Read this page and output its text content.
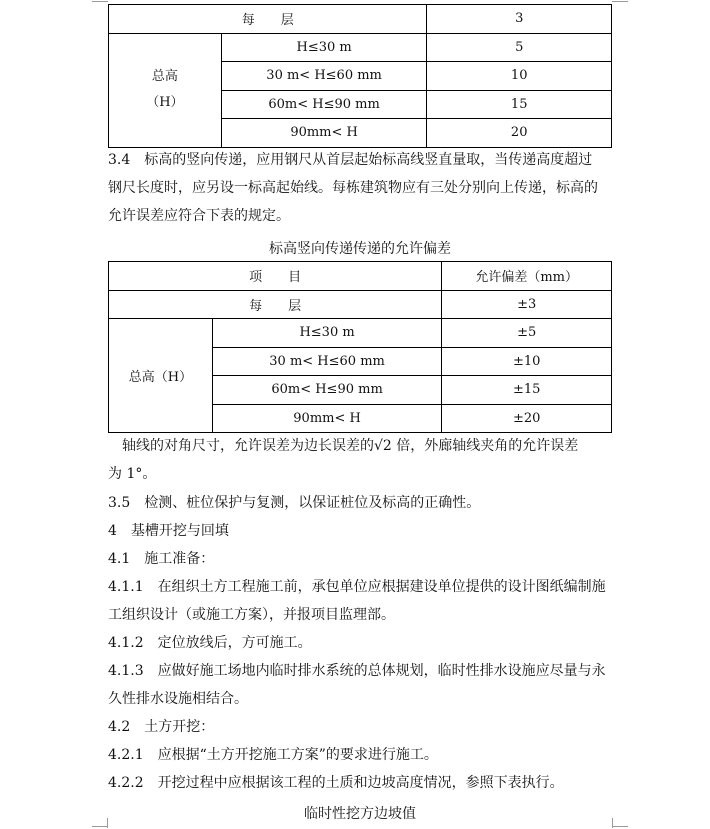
每　　层		3
总高
（H）	H≤30 m	5
	30 m< H≤60 mm	10
	60m< H≤90 mm	15
	90mm< H	20
3.4　标高的竖向传递，应用钢尺从首层起始标高线竖直量取，当传递高度超过
钢尺长度时，应另设一标高起始线。每栋建筑物应有三处分别向上传递，标高的
允许误差应符合下表的规定。
标高竖向传递传递的允许偏差
项　　目		允许偏差（mm）
每　　层		±3
总高（H）	H≤30 m	±5
	30 m< H≤60 mm	±10
	60m< H≤90 mm	±15
	90mm< H	±20
　轴线的对角尺寸，允许误差为边长误差的√2 倍，外廊轴线夹角的允许误差
为 1°。
3.5　检测、桩位保护与复测，以保证桩位及标高的正确性。
4　基槽开挖与回填
4.1　施工准备：
4.1.1　在组织土方工程施工前，承包单位应根据建设单位提供的设计图纸编制施
工组织设计（或施工方案），并报项目监理部。
4.1.2　定位放线后，方可施工。
4.1.3　应做好施工场地内临时排水系统的总体规划，临时性排水设施应尽量与永
久性排水设施相结合。
4.2　土方开挖：
4.2.1　应根据“土方开挖施工方案”的要求进行施工。
4.2.2　开挖过程中应根据该工程的土质和边坡高度情况，参照下表执行。
临时性挖方边坡值
